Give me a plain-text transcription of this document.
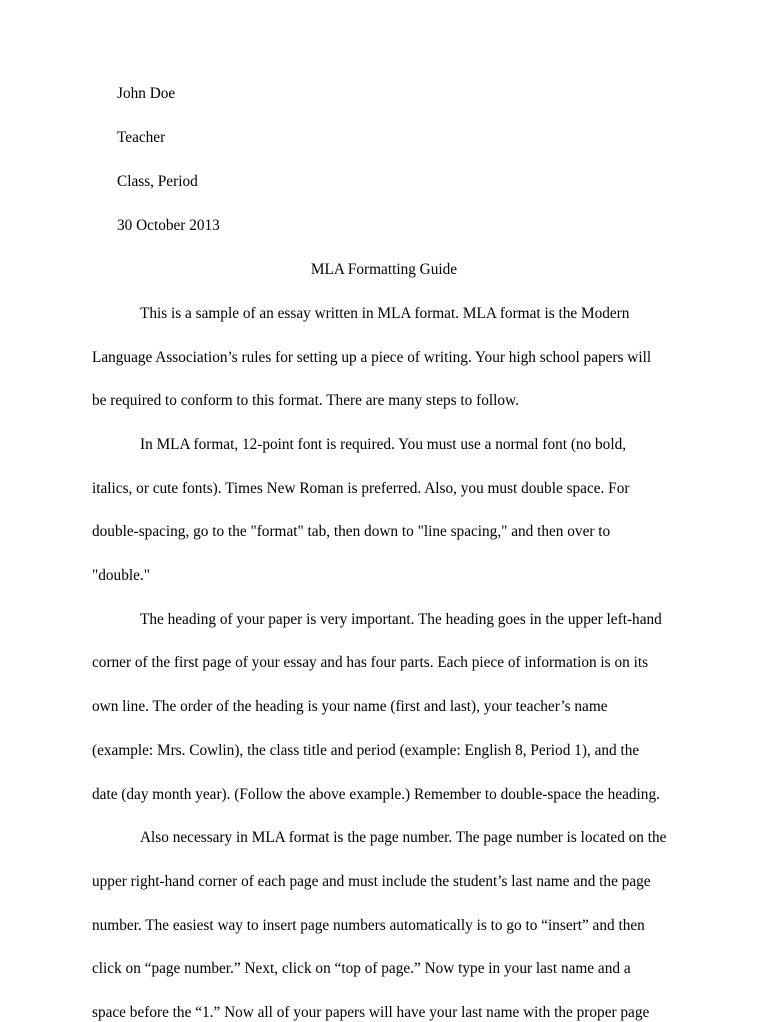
John Doe
Teacher
Class, Period
30 October 2013
MLA Formatting Guide
This is a sample of an essay written in MLA format. MLA format is the Modern
Language Association’s rules for setting up a piece of writing. Your high school papers will
be required to conform to this format. There are many steps to follow.
In MLA format, 12-point font is required. You must use a normal font (no bold,
italics, or cute fonts). Times New Roman is preferred. Also, you must double space. For
double-spacing, go to the "format" tab, then down to "line spacing," and then over to
"double."
The heading of your paper is very important. The heading goes in the upper left-hand
corner of the first page of your essay and has four parts. Each piece of information is on its
own line. The order of the heading is your name (first and last), your teacher’s name
(example: Mrs. Cowlin), the class title and period (example: English 8, Period 1), and the
date (day month year). (Follow the above example.) Remember to double-space the heading.
Also necessary in MLA format is the page number. The page number is located on the
upper right-hand corner of each page and must include the student’s last name and the page
number. The easiest way to insert page numbers automatically is to go to “insert” and then
click on “page number.” Next, click on “top of page.” Now type in your last name and a
space before the “1.” Now all of your papers will have your last name with the proper page
